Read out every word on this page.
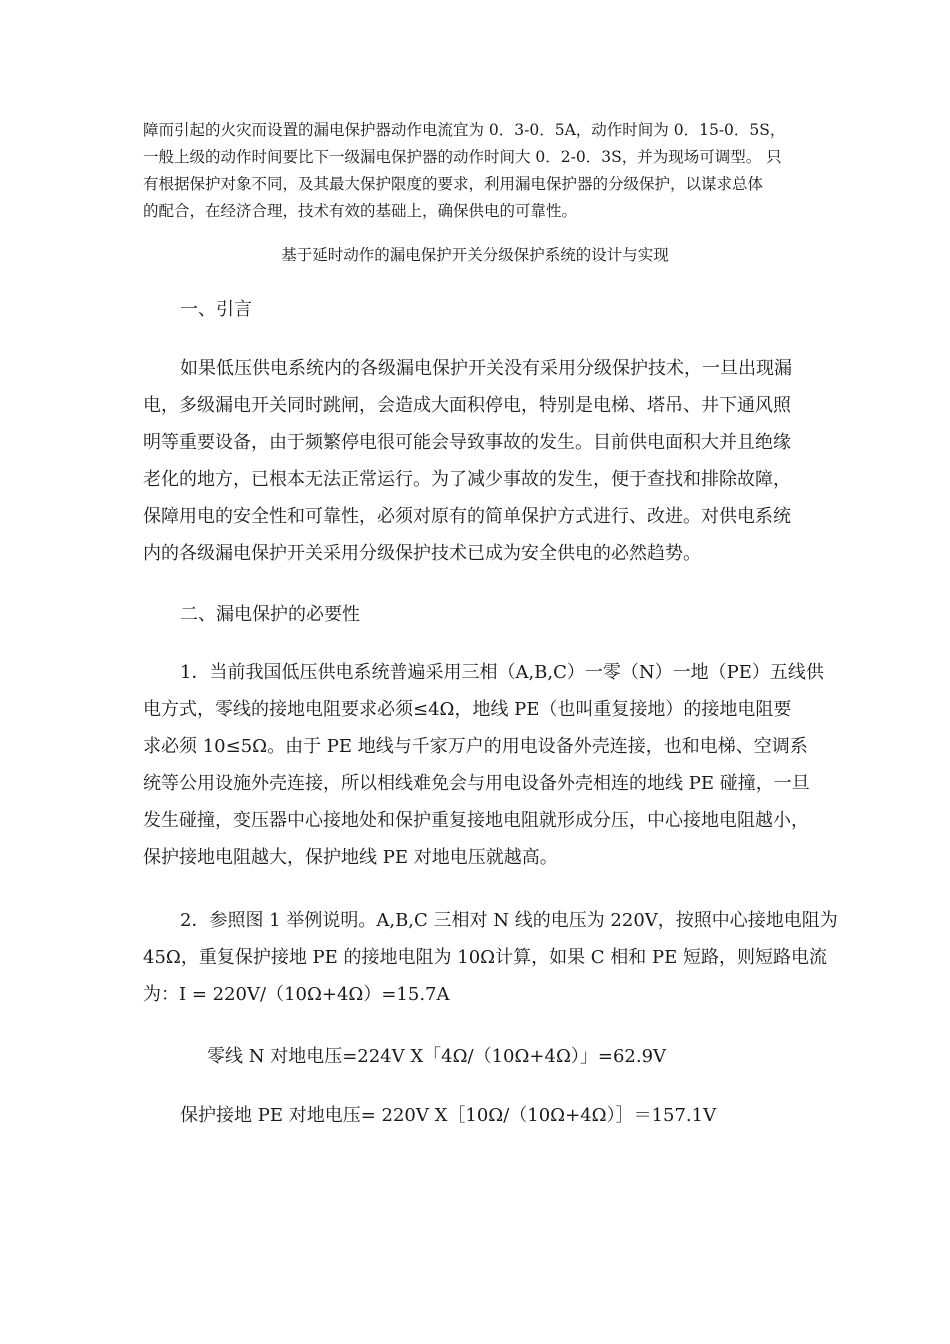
障而引起的火灾而设置的漏电保护器动作电流宜为 0．3-0．5A，动作时间为 0．15-0．5S，
一般上级的动作时间要比下一级漏电保护器的动作时间大 0．2-0．3S，并为现场可调型。 只
有根据保护对象不同，及其最大保护限度的要求，利用漏电保护器的分级保护，以谋求总体
的配合，在经济合理，技术有效的基础上，确保供电的可靠性。
基于延时动作的漏电保护开关分级保护系统的设计与实现
一、引言
如果低压供电系统内的各级漏电保护开关没有采用分级保护技术，一旦出现漏
电，多级漏电开关同时跳闸，会造成大面积停电，特别是电梯、塔吊、井下通风照
明等重要设备，由于频繁停电很可能会导致事故的发生。目前供电面积大并且绝缘
老化的地方，已根本无法正常运行。为了减少事故的发生，便于查找和排除故障，
保障用电的安全性和可靠性，必须对原有的简单保护方式进行、改进。对供电系统
内的各级漏电保护开关采用分级保护技术已成为安全供电的必然趋势。
二、漏电保护的必要性
1．当前我国低压供电系统普遍采用三相（A,B,C）一零（N）一地（PE）五线供
电方式，零线的接地电阻要求必须≤4Ω，地线 PE（也叫重复接地）的接地电阻要
求必须 10≤5Ω。由于 PE 地线与千家万户的用电设备外壳连接，也和电梯、空调系
统等公用设施外壳连接，所以相线难免会与用电设备外壳相连的地线 PE 碰撞，一旦
发生碰撞，变压器中心接地处和保护重复接地电阻就形成分压，中心接地电阻越小，
保护接地电阻越大，保护地线 PE 对地电压就越高。
2．参照图 1 举例说明。A,B,C 三相对 N 线的电压为 220V，按照中心接地电阻为
45Ω，重复保护接地 PE 的接地电阻为 10Ω计算，如果 C 相和 PE 短路，则短路电流
为：I = 220V/（10Ω+4Ω）=15.7A
零线 N 对地电压=224V X「4Ω/（10Ω+4Ω）」=62.9V
保护接地 PE 对地电压= 220V X［10Ω/（10Ω+4Ω）］＝157.1V
